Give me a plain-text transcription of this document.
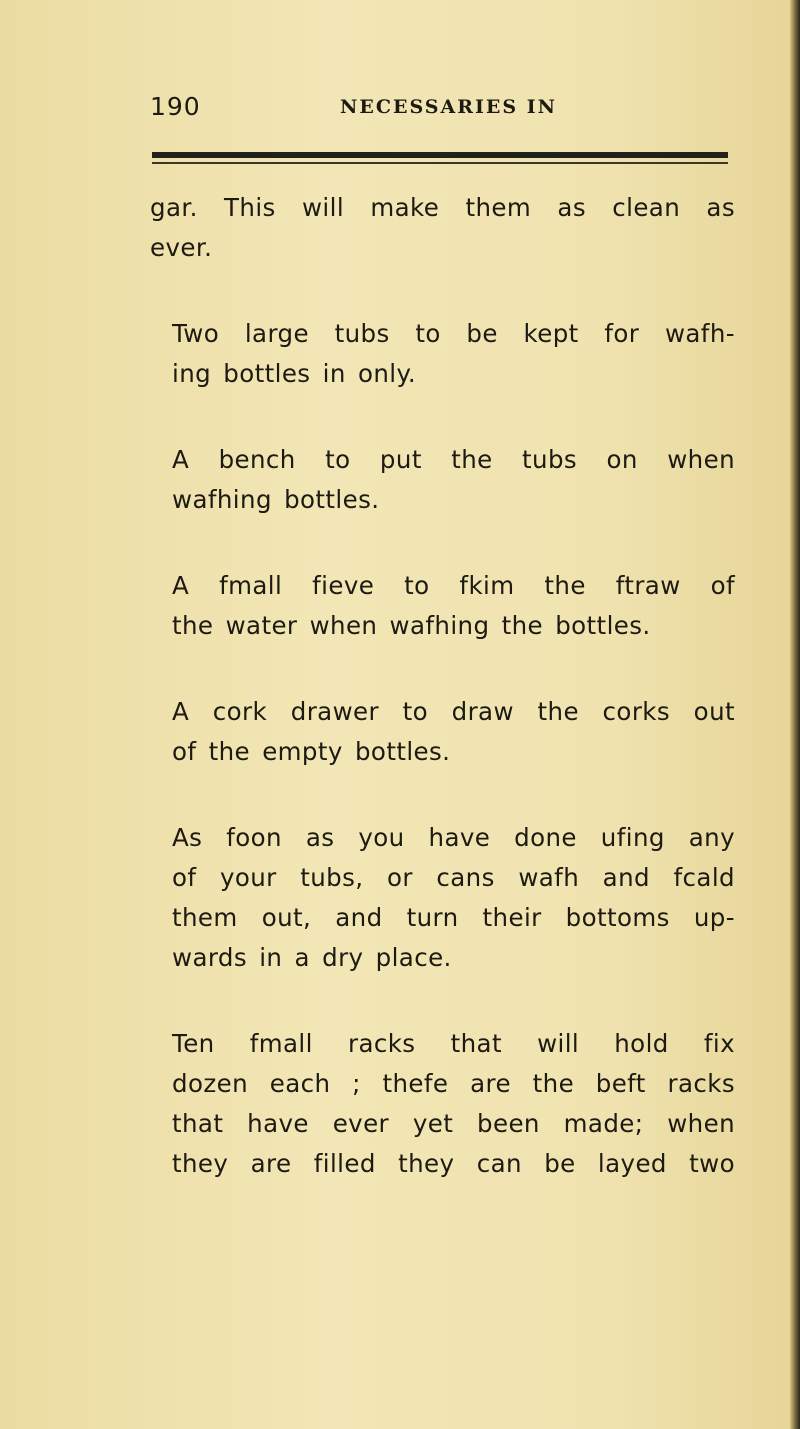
190	NECESSARIES IN

gar. This will make them as clean as
ever.

Two large tubs to be kept for wafh-
ing bottles in only.

A bench to put the tubs on when
wafhing bottles.

A fmall fieve to fkim the ftraw of
the water when wafhing the bottles.

A cork drawer to draw the corks out
of the empty bottles.

As foon as you have done ufing any
of your tubs, or cans wafh and fcald
them out, and turn their bottoms up-
wards in a dry place.

Ten fmall racks that will hold fix
dozen each ; thefe are the beft racks
that have ever yet been made; when
they are filled they can be layed two
